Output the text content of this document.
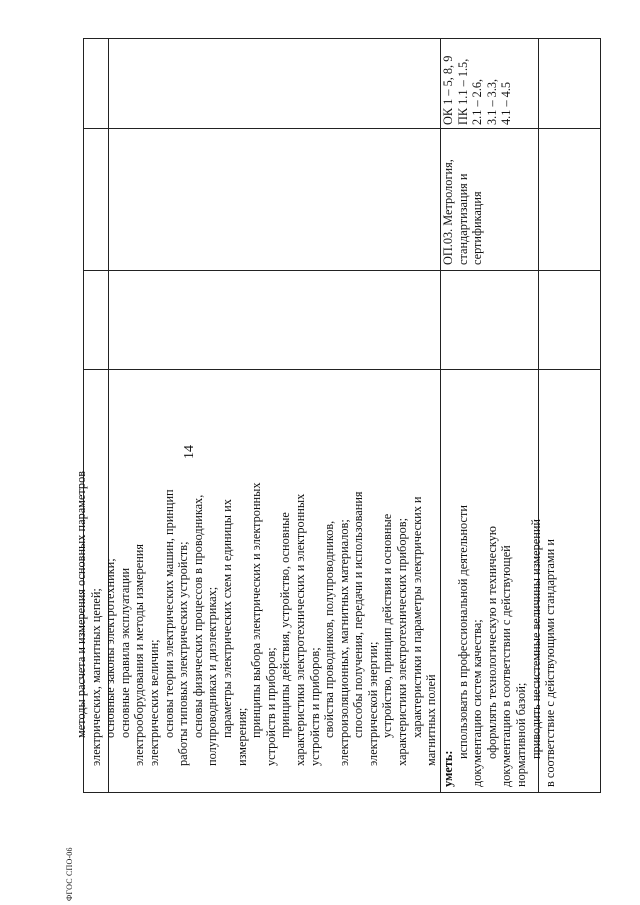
методы расчета и измерения основных параметров электрических, магнитных цепей; основные законы электротехники; основные правила эксплуатации электрооборудования и методы измерения электрических величин; основы теории электрических машин, принцип работы типовых электрических устройств; основы физических процессов в проводниках, полупроводниках и диэлектриках; параметры электрических схем и единицы их измерения; принципы выбора электрических и электронных устройств и приборов; принципы действия, устройство, основные характеристики электротехнических и электронных устройств и приборов; свойства проводников, полупроводников, электроизоляционных, магнитных материалов; способы получения, передачи и использования электрической энергии; устройство, принцип действия и основные характеристики электротехнических приборов; характеристики и параметры электрических и магнитных полей
уметь:
использовать в профессиональной деятельности документацию систем качества; оформлять технологическую и техническую документацию в соответствии с действующей нормативной базой; приводить несистемные величины измерений в соответствие с действующими стандартами и
ОП.03. Метрология, стандартизация и сертификация
ОК 1 – 5, 8, 9 ПК 1.1 – 1.5, 2.1 – 2.6, 3.1 – 3.3, 4.1 – 4.5
14
ФГОС СПО-06
